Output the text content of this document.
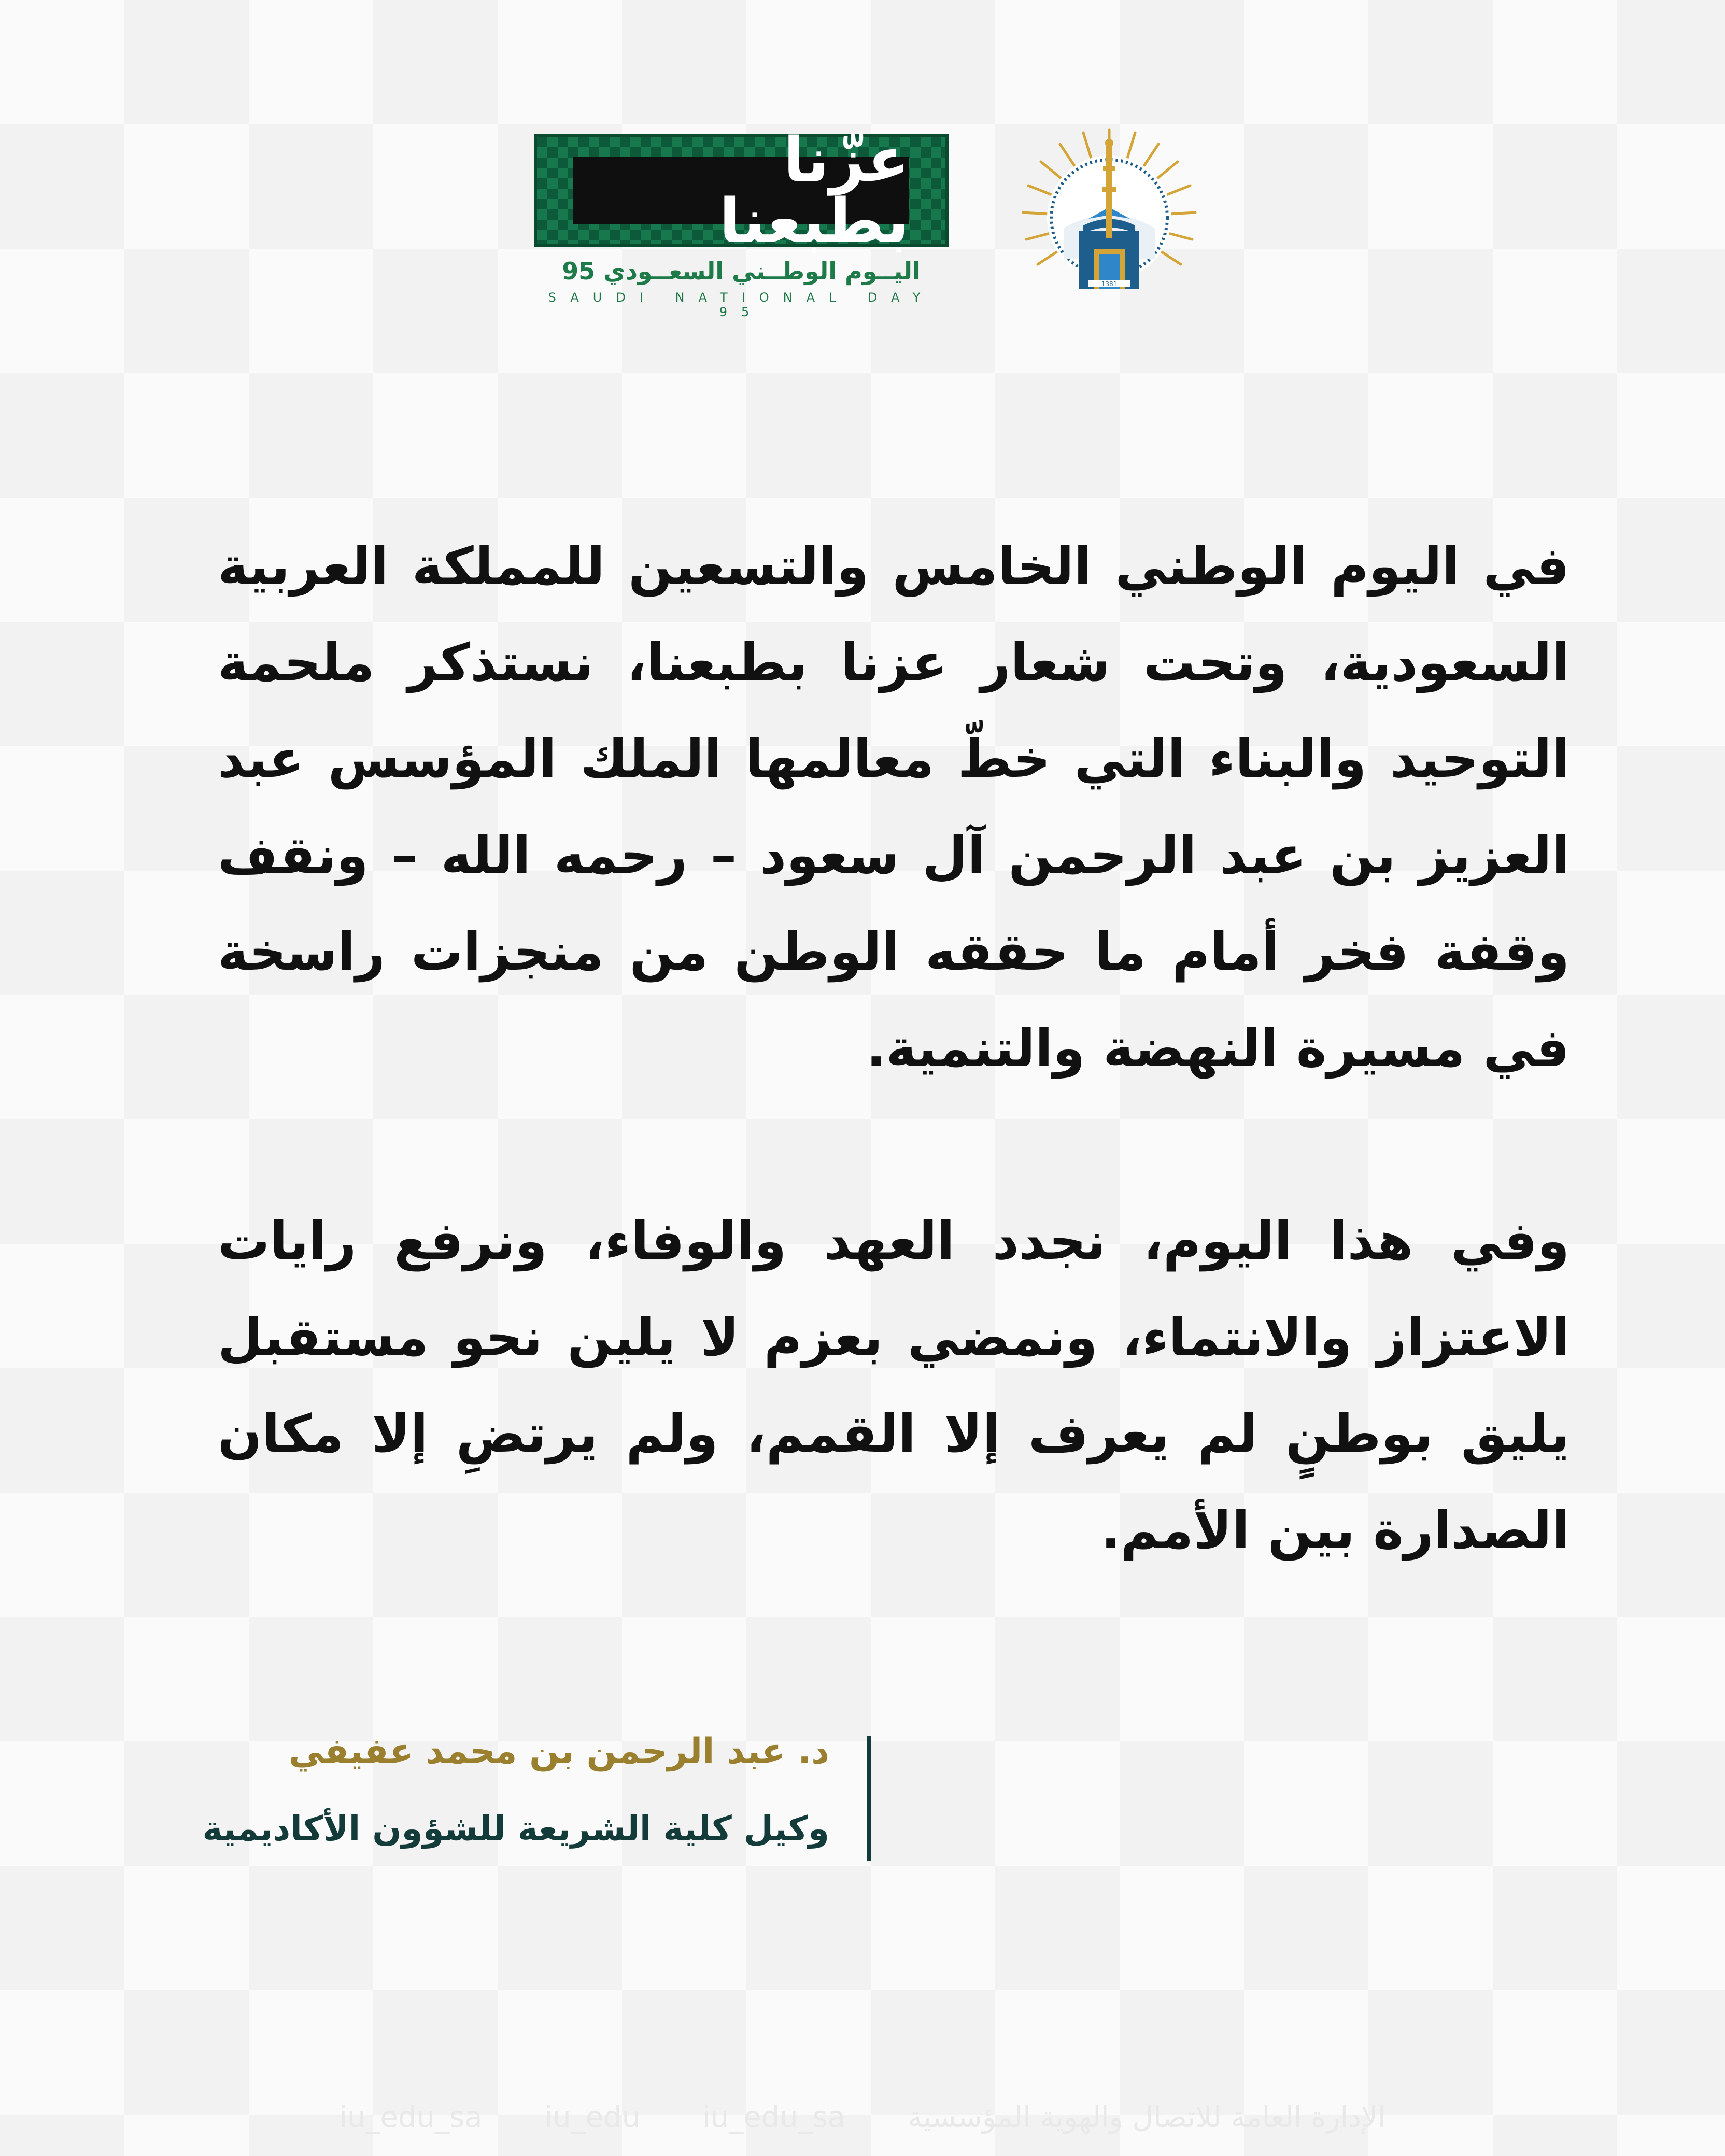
عزّنا بطبعنا
اليــوم الوطــني السعــودي 95
SAUDI NATIONAL DAY 95
1381

في اليوم الوطني الخامس والتسعين للمملكة العربية السعودية، وتحت شعار عزنا بطبعنا، نستذكر ملحمة التوحيد والبناء التي خطّ معالمها الملك المؤسس عبد العزيز بن عبد الرحمن آل سعود – رحمه الله – ونقف وقفة فخر أمام ما حققه الوطن من منجزات راسخة في مسيرة النهضة والتنمية.

وفي هذا اليوم، نجدد العهد والوفاء، ونرفع رايات الاعتزاز والانتماء، ونمضي بعزم لا يلين نحو مستقبل يليق بوطنٍ لم يعرف إلا القمم، ولم يرتضِ إلا مكان الصدارة بين الأمم.

د. عبد الرحمن بن محمد عفيفي
وكيل كلية الشريعة للشؤون الأكاديمية
iu_edu_sa iu_edu iu_edu_sa الإدارة العامة للاتصال والهوية المؤسسية
